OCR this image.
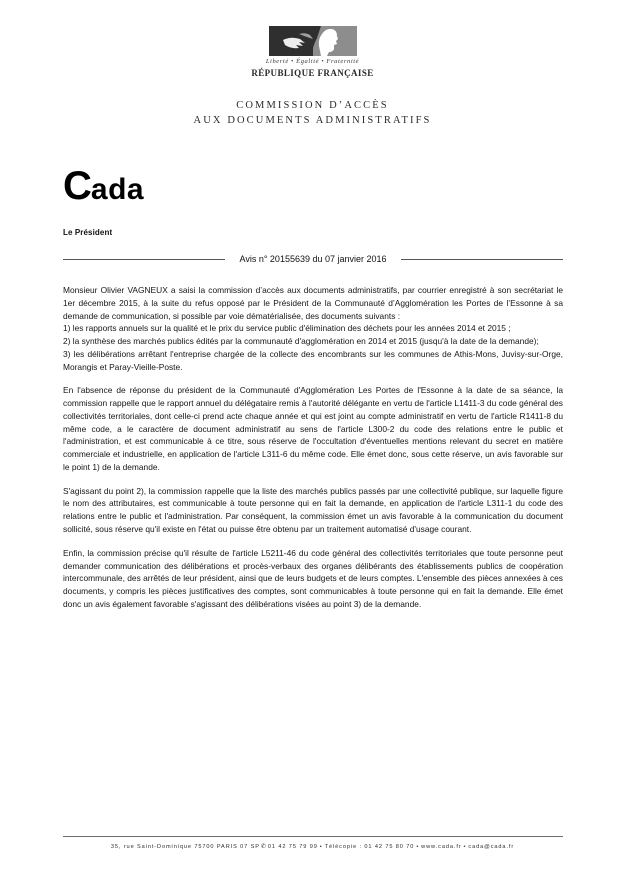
Liberté • Égalité • Fraternité
RÉPUBLIQUE FRANÇAISE
COMMISSION D’ACCÈS
AUX DOCUMENTS ADMINISTRATIFS
Cada
Le Président
Avis n° 20155639 du 07 janvier 2016

Monsieur Olivier VAGNEUX a saisi la commission d’accès aux documents administratifs, par courrier enregistré à son secrétariat le 1er décembre 2015, à la suite du refus opposé par le Président de la Communauté d’Agglomération les Portes de l’Essonne à sa demande de communication, si possible par voie dématérialisée, des documents suivants :

1) les rapports annuels sur la qualité et le prix du service public d'élimination des déchets pour les années 2014 et 2015 ;

2) la synthèse des marchés publics édités par la communauté d'agglomération en 2014 et 2015 (jusqu'à la date de la demande);

3) les délibérations arrêtant l'entreprise chargée de la collecte des encombrants sur les communes de Athis-Mons, Juvisy-sur-Orge, Morangis et Paray-Vieille-Poste.

En l'absence de réponse du président de la Communauté d'Agglomération Les Portes de l'Essonne à la date de sa séance, la commission rappelle que le rapport annuel du délégataire remis à l'autorité délégante en vertu de l'article L1411-3 du code général des collectivités territoriales, dont celle-ci prend acte chaque année et qui est joint au compte administratif en vertu de l'article R1411-8 du même code, a le caractère de document administratif au sens de l'article L300-2 du code des relations entre le public et l'administration, et est communicable à ce titre, sous réserve de l'occultation d'éventuelles mentions relevant du secret en matière commerciale et industrielle, en application de l'article L311-6 du même code. Elle émet donc, sous cette réserve, un avis favorable sur le point 1) de la demande.

S'agissant du point 2), la commission rappelle que la liste des marchés publics passés par une collectivité publique, sur laquelle figure le nom des attributaires, est communicable à toute personne qui en fait la demande, en application de l'article L311-1 du code des relations entre le public et l'administration. Par conséquent, la commission émet un avis favorable à la communication du document sollicité, sous réserve qu'il existe en l'état ou puisse être obtenu par un traitement automatisé d'usage courant.

Enfin, la commission précise qu'il résulte de l'article L5211-46 du code général des collectivités territoriales que toute personne peut demander communication des délibérations et procès-verbaux des organes délibérants des établissements publics de coopération intercommunale, des arrêtés de leur président, ainsi que de leurs budgets et de leurs comptes. L'ensemble des pièces annexées à ces documents, y compris les pièces justificatives des comptes, sont communicables à toute personne qui en fait la demande. Elle émet donc un avis également favorable s'agissant des délibérations visées au point 3) de la demande.

35, rue Saint-Dominique 75700 PARIS 07 SP✆01 42 75 79 99 • Télécopie : 01 42 75 80 70 • www.cada.fr • cada@cada.fr
